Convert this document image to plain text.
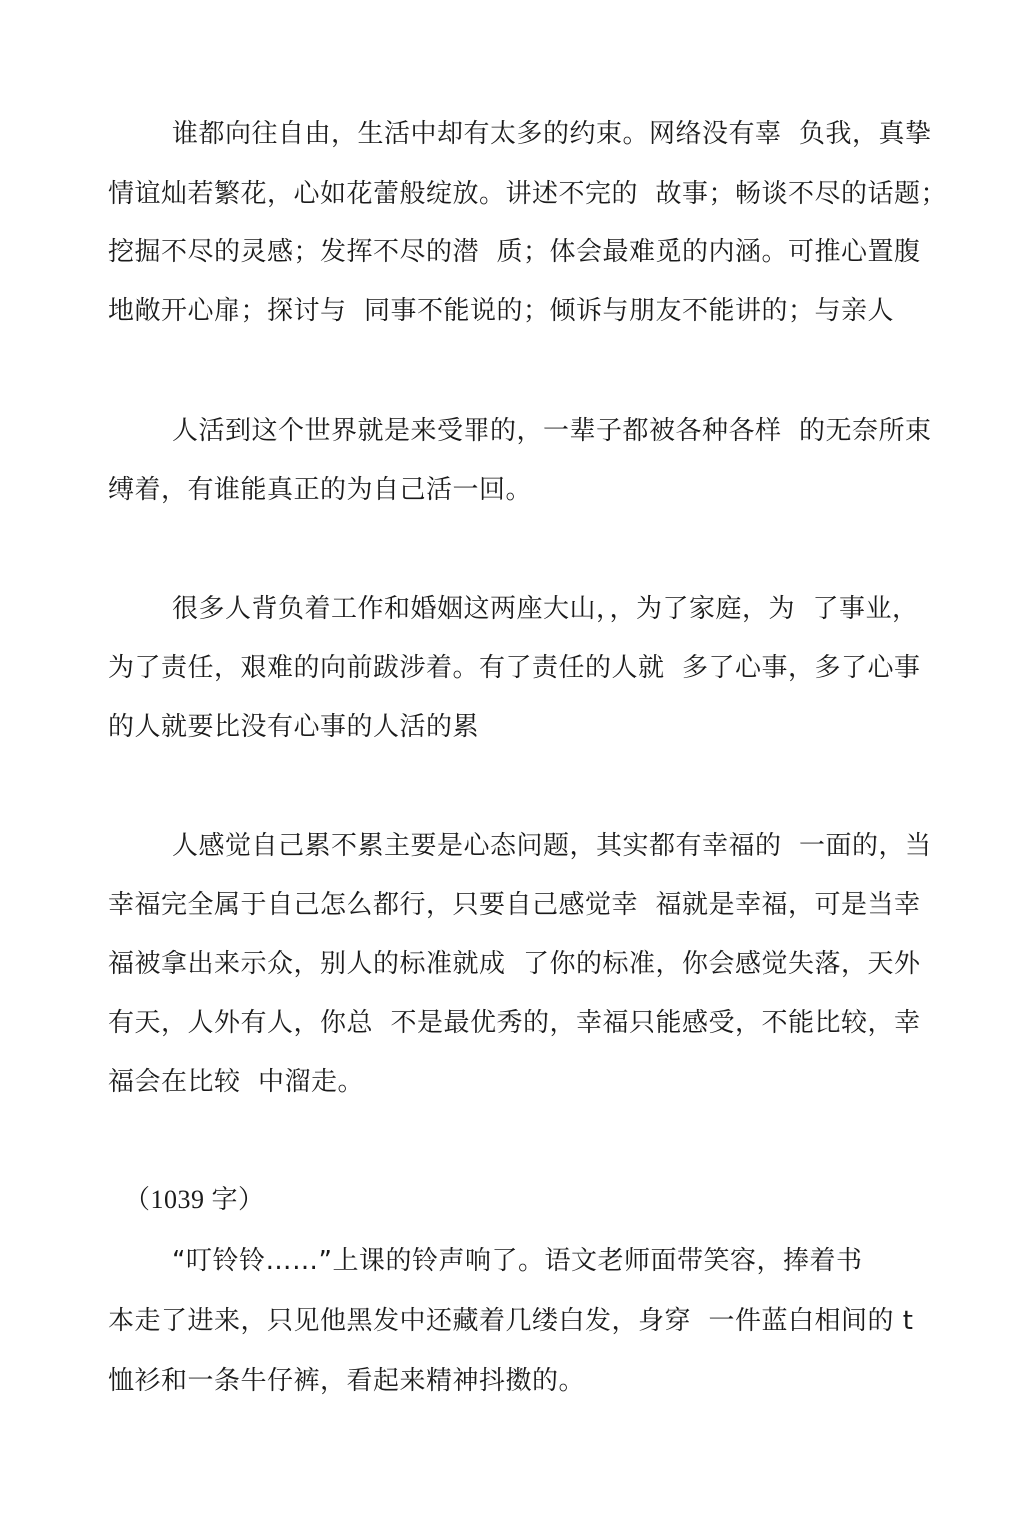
谁都向往自由，生活中却有太多的约束。网络没有辜  负我，真挚
情谊灿若繁花，心如花蕾般绽放。讲述不完的  故事；畅谈不尽的话题；
挖掘不尽的灵感；发挥不尽的潜  质；体会最难觅的内涵。可推心置腹
地敞开心扉；探讨与  同事不能说的；倾诉与朋友不能讲的；与亲人
人活到这个世界就是来受罪的，一辈子都被各种各样  的无奈所束
缚着，有谁能真正的为自己活一回。
很多人背负着工作和婚姻这两座大山，，为了家庭，为  了事业，
为了责任，艰难的向前跋涉着。有了责任的人就  多了心事，多了心事
的人就要比没有心事的人活的累
人感觉自己累不累主要是心态问题，其实都有幸福的  一面的，当
幸福完全属于自己怎么都行，只要自己感觉幸  福就是幸福，可是当幸
福被拿出来示众，别人的标准就成  了你的标准，你会感觉失落，天外
有天，人外有人，你总  不是最优秀的，幸福只能感受，不能比较，幸
福会在比较  中溜走。
（1039 字）
“叮铃铃……”上课的铃声响了。语文老师面带笑容，捧着书
本走了进来，只见他黑发中还藏着几缕白发，身穿  一件蓝白相间的 t
恤衫和一条牛仔裤，看起来精神抖擞的。
